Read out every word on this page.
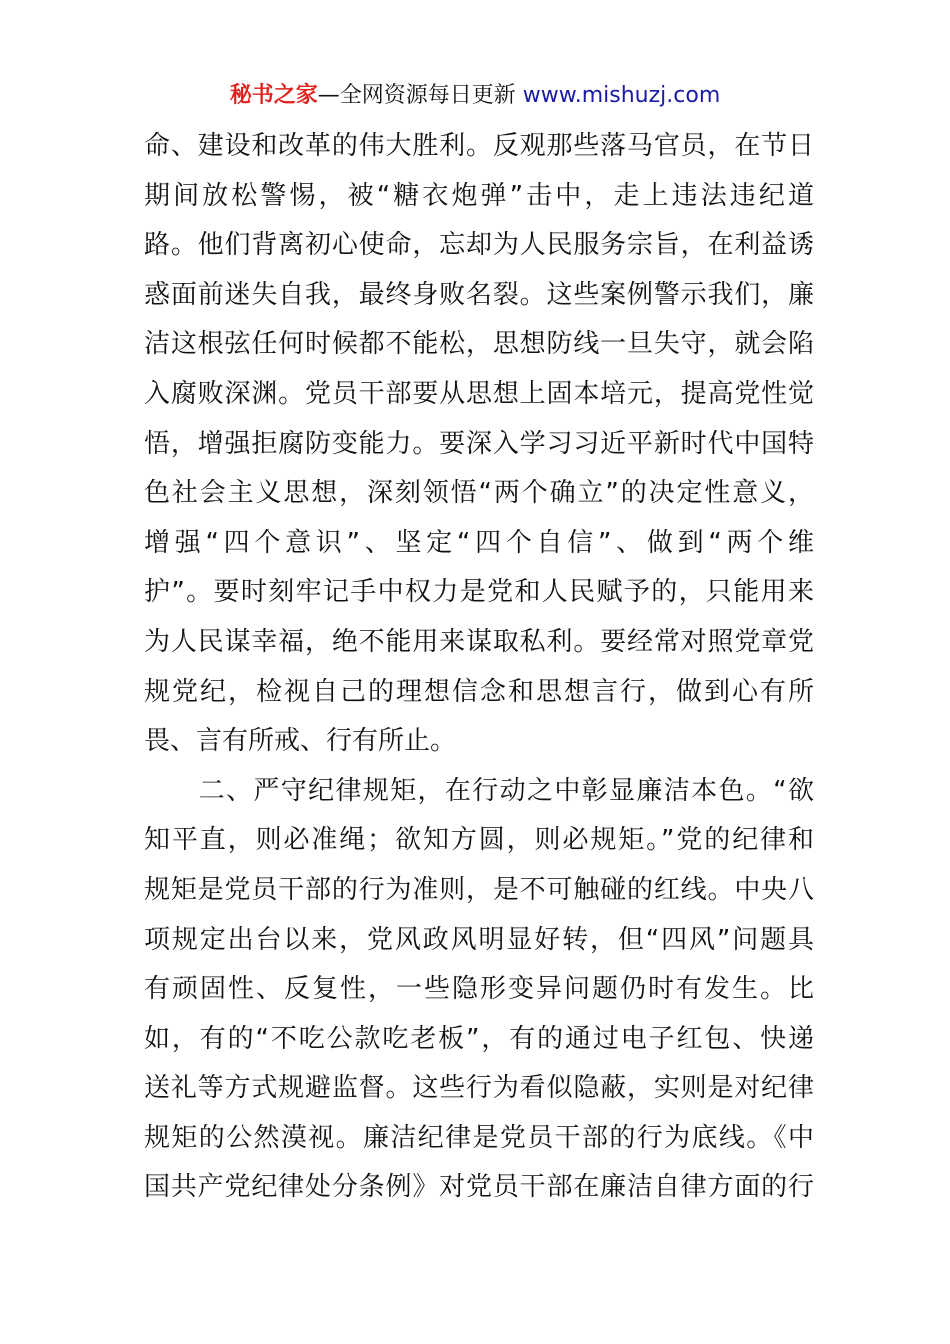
秘书之家—全网资源每日更新 www.mishuzj.com
命、建设和改革的伟大胜利。反观那些落马官员，在节日
期间放松警惕，被“糖衣炮弹”击中，走上违法违纪道
路。他们背离初心使命，忘却为人民服务宗旨，在利益诱
惑面前迷失自我，最终身败名裂。这些案例警示我们，廉
洁这根弦任何时候都不能松，思想防线一旦失守，就会陷
入腐败深渊。党员干部要从思想上固本培元，提高党性觉
悟，增强拒腐防变能力。要深入学习习近平新时代中国特
色社会主义思想，深刻领悟“两个确立”的决定性意义，
增强“四个意识”、坚定“四个自信”、做到“两个维
护”。要时刻牢记手中权力是党和人民赋予的，只能用来
为人民谋幸福，绝不能用来谋取私利。要经常对照党章党
规党纪，检视自己的理想信念和思想言行，做到心有所
畏、言有所戒、行有所止。
　　二、严守纪律规矩，在行动之中彰显廉洁本色。“欲
知平直，则必准绳；欲知方圆，则必规矩。”党的纪律和
规矩是党员干部的行为准则，是不可触碰的红线。中央八
项规定出台以来，党风政风明显好转，但“四风”问题具
有顽固性、反复性，一些隐形变异问题仍时有发生。比
如，有的“不吃公款吃老板”，有的通过电子红包、快递
送礼等方式规避监督。这些行为看似隐蔽，实则是对纪律
规矩的公然漠视。廉洁纪律是党员干部的行为底线。《中
国共产党纪律处分条例》对党员干部在廉洁自律方面的行
